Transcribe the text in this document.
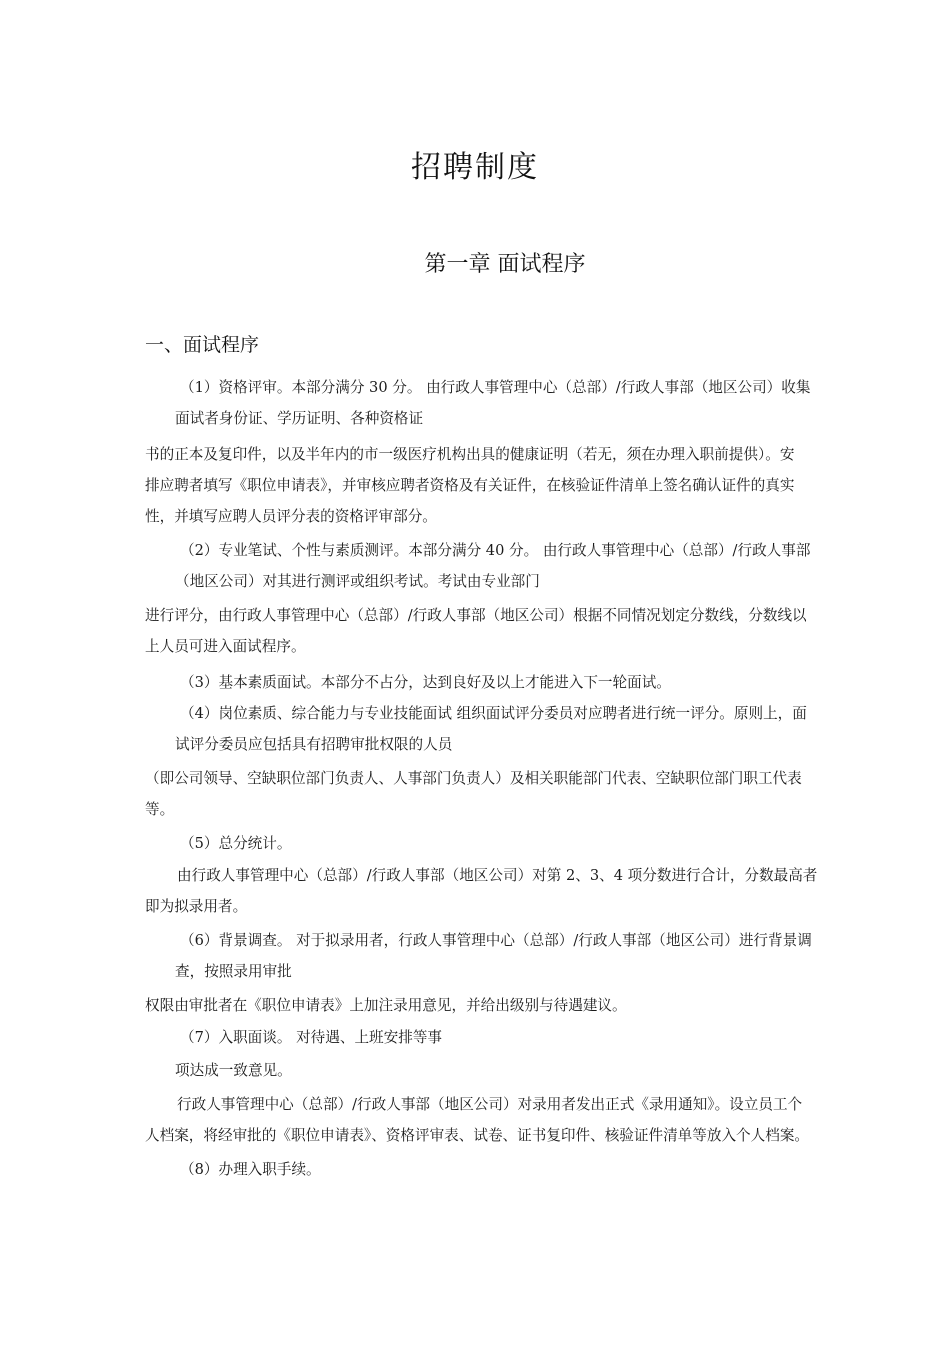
招聘制度
第一章 面试程序
一、面试程序
（1）资格评审。本部分满分 30 分。 由行政人事管理中心（总部）/行政人事部（地区公司）收集
面试者身份证、学历证明、各种资格证
书的正本及复印件，以及半年内的市一级医疗机构出具的健康证明（若无，须在办理入职前提供）。安
排应聘者填写《职位申请表》，并审核应聘者资格及有关证件，在核验证件清单上签名确认证件的真实
性，并填写应聘人员评分表的资格评审部分。
（2）专业笔试、个性与素质测评。本部分满分 40 分。 由行政人事管理中心（总部）/行政人事部
（地区公司）对其进行测评或组织考试。考试由专业部门
进行评分，由行政人事管理中心（总部）/行政人事部（地区公司）根据不同情况划定分数线，分数线以
上人员可进入面试程序。
（3）基本素质面试。本部分不占分，达到良好及以上才能进入下一轮面试。
（4）岗位素质、综合能力与专业技能面试 组织面试评分委员对应聘者进行统一评分。原则上，面
试评分委员应包括具有招聘审批权限的人员
（即公司领导、空缺职位部门负责人、人事部门负责人）及相关职能部门代表、空缺职位部门职工代表
等。
（5）总分统计。
由行政人事管理中心（总部）/行政人事部（地区公司）对第 2、3、4 项分数进行合计，分数最高者
即为拟录用者。
（6）背景调查。 对于拟录用者，行政人事管理中心（总部）/行政人事部（地区公司）进行背景调
查，按照录用审批
权限由审批者在《职位申请表》上加注录用意见，并给出级别与待遇建议。
（7）入职面谈。 对待遇、上班安排等事
项达成一致意见。
行政人事管理中心（总部）/行政人事部（地区公司）对录用者发出正式《录用通知》。设立员工个
人档案，将经审批的《职位申请表》、资格评审表、试卷、证书复印件、核验证件清单等放入个人档案。
（8）办理入职手续。
